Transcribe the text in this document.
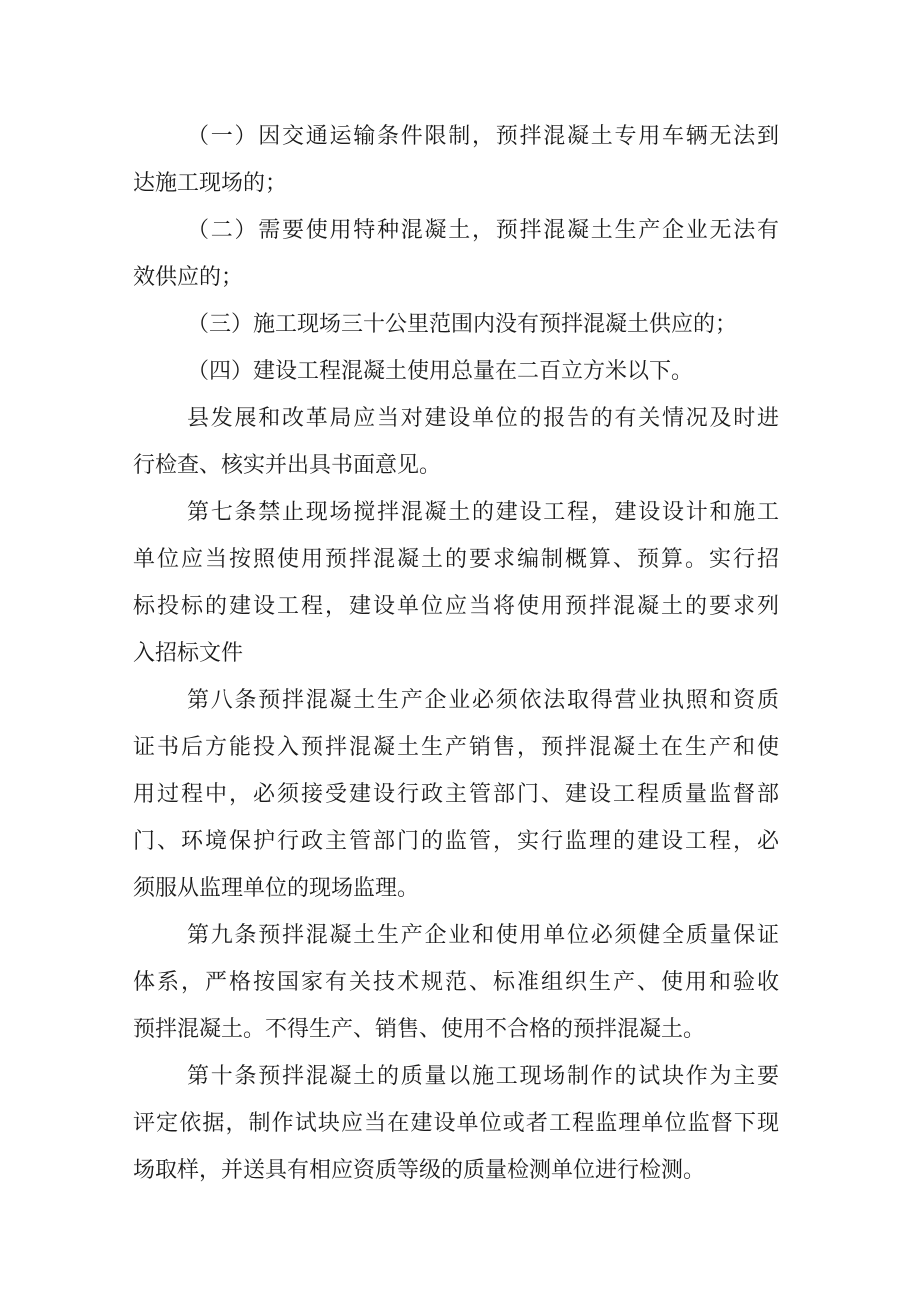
（一）因交通运输条件限制，预拌混凝土专用车辆无法到
达施工现场的；
（二）需要使用特种混凝土，预拌混凝土生产企业无法有
效供应的；
（三）施工现场三十公里范围内没有预拌混凝土供应的；
（四）建设工程混凝土使用总量在二百立方米以下。
县发展和改革局应当对建设单位的报告的有关情况及时进
行检查、核实并出具书面意见。
第七条禁止现场搅拌混凝土的建设工程，建设设计和施工
单位应当按照使用预拌混凝土的要求编制概算、预算。实行招
标投标的建设工程，建设单位应当将使用预拌混凝土的要求列
入招标文件
第八条预拌混凝土生产企业必须依法取得营业执照和资质
证书后方能投入预拌混凝土生产销售，预拌混凝土在生产和使
用过程中，必须接受建设行政主管部门、建设工程质量监督部
门、环境保护行政主管部门的监管，实行监理的建设工程，必
须服从监理单位的现场监理。
第九条预拌混凝土生产企业和使用单位必须健全质量保证
体系，严格按国家有关技术规范、标准组织生产、使用和验收
预拌混凝土。不得生产、销售、使用不合格的预拌混凝土。
第十条预拌混凝土的质量以施工现场制作的试块作为主要
评定依据，制作试块应当在建设单位或者工程监理单位监督下现
场取样，并送具有相应资质等级的质量检测单位进行检测。
